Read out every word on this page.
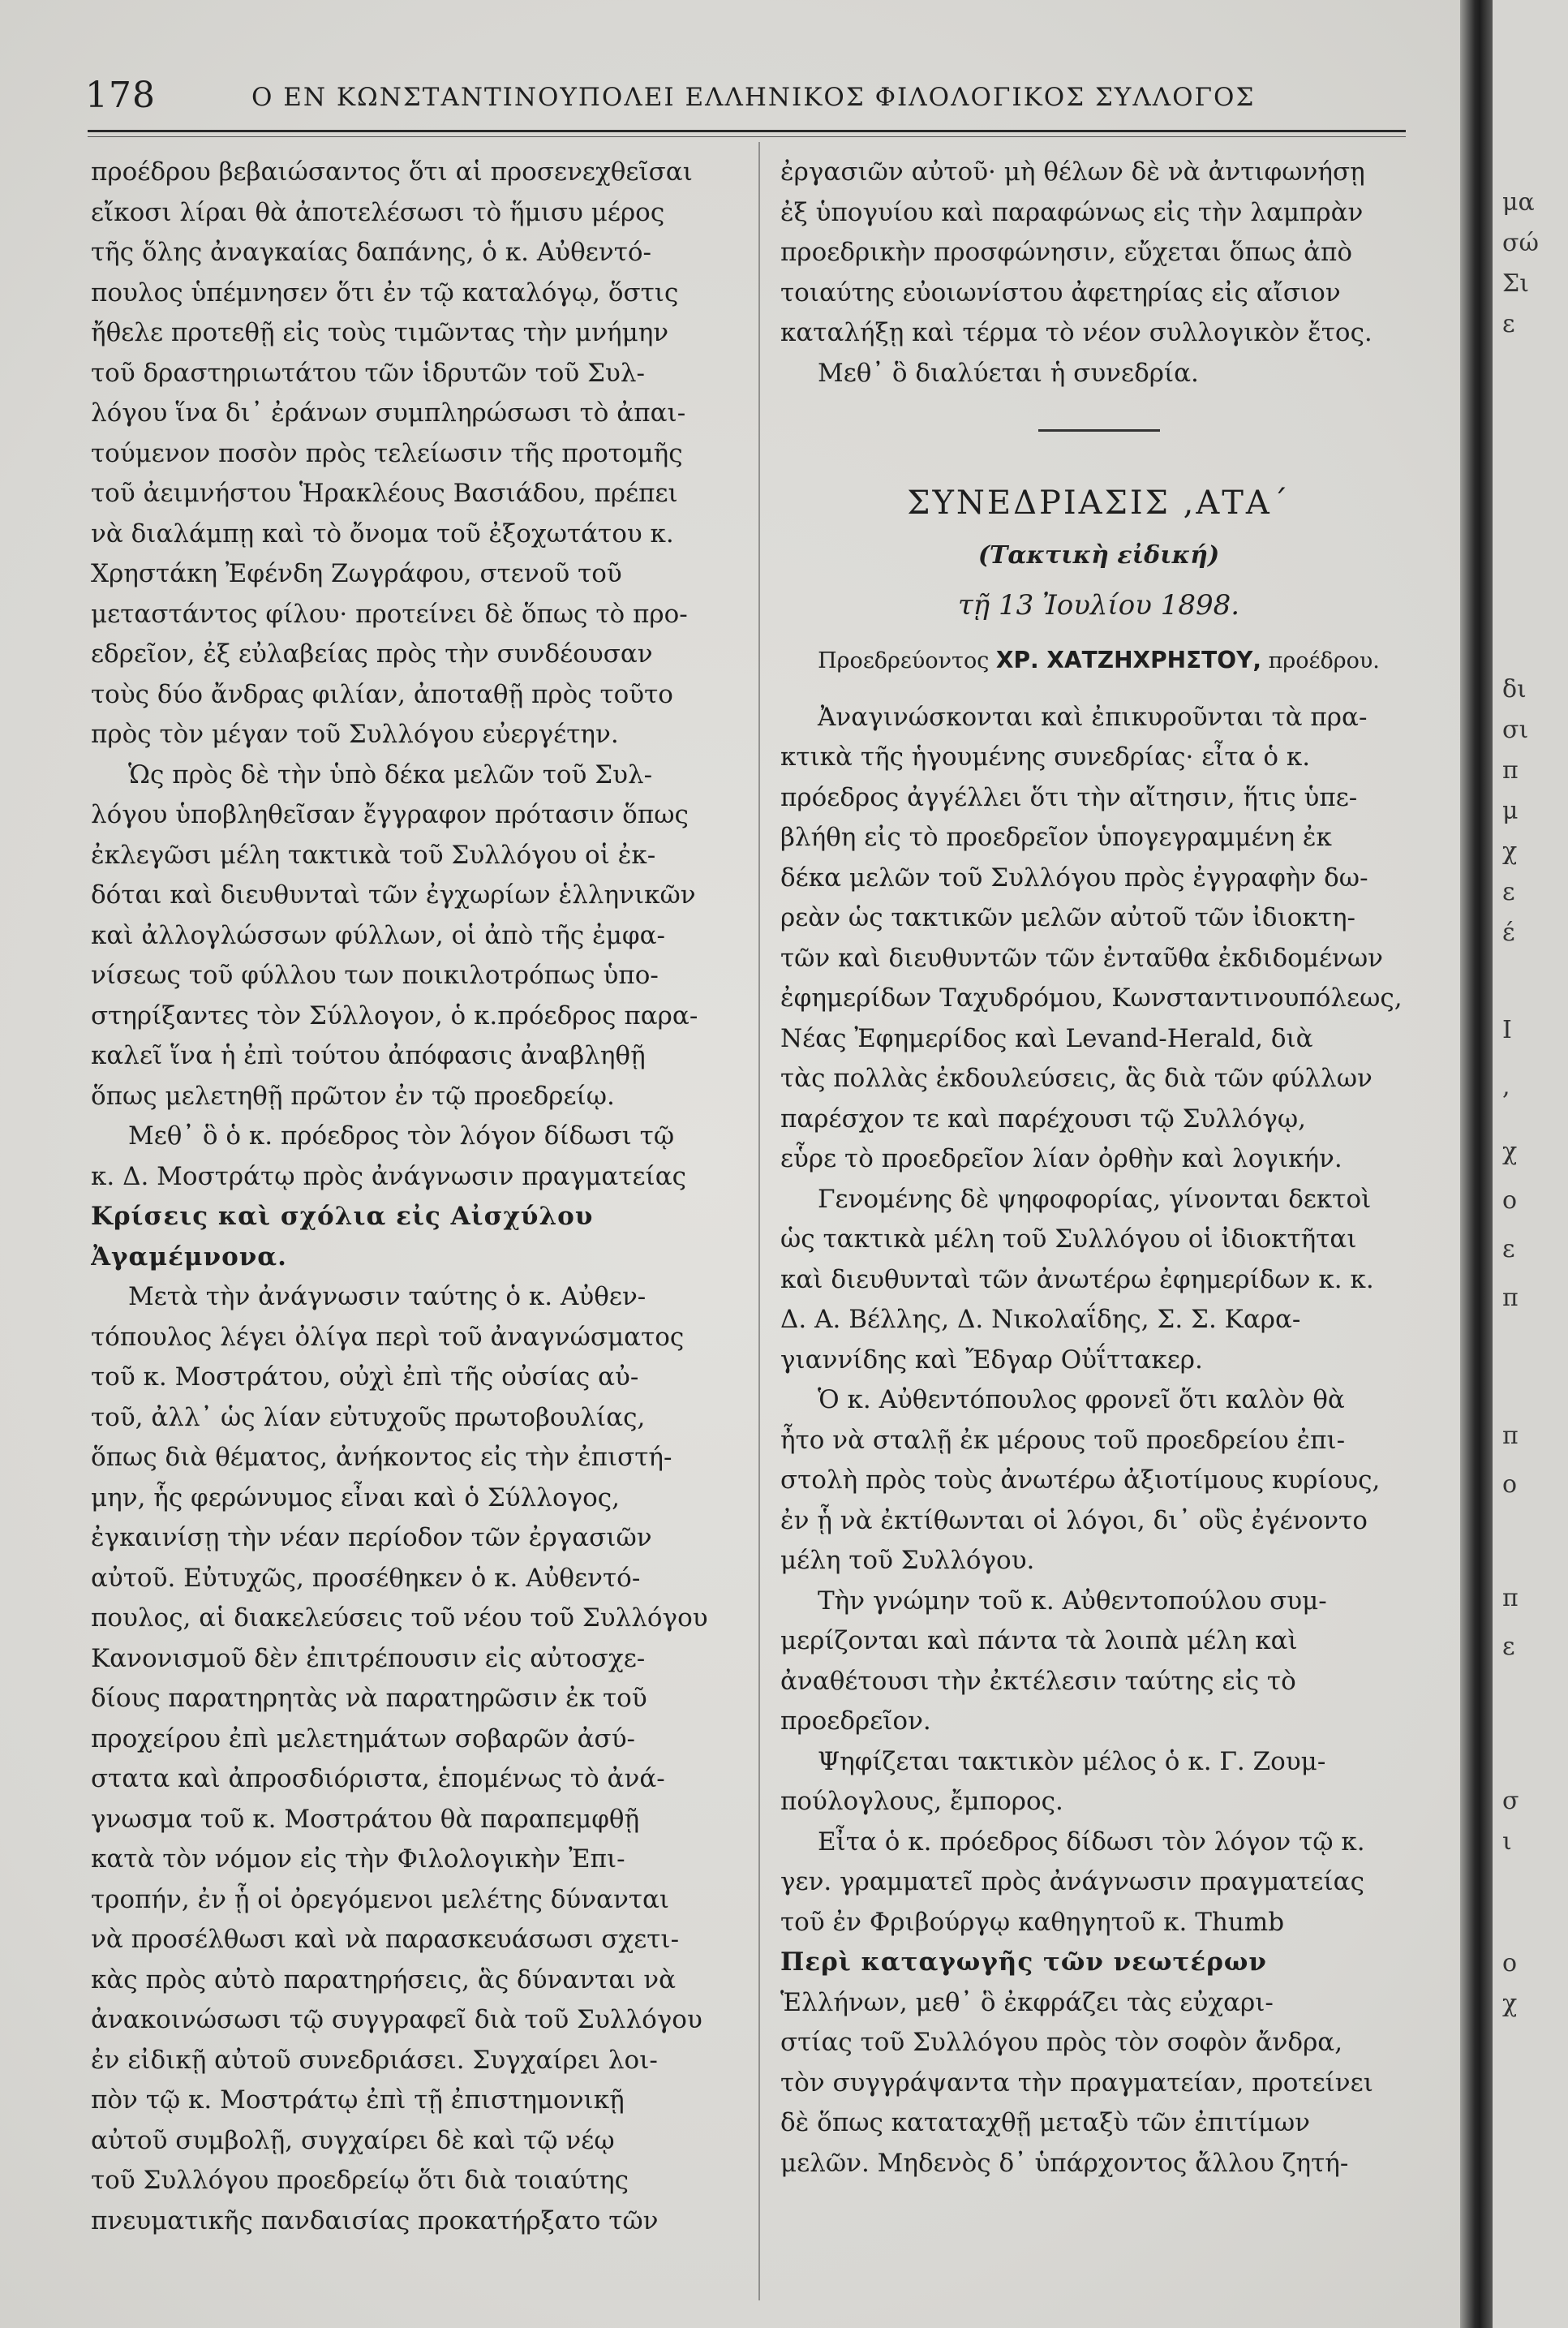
178	Ο ΕΝ ΚΩΝΣΤΑΝΤΙΝΟΥΠΟΛΕΙ ΕΛΛΗΝΙΚΟΣ ΦΙΛΟΛΟΓΙΚΟΣ ΣΥΛΛΟΓΟΣ
προέδρου βεβαιώσαντος ὅτι αἱ προσενεχθεῖσαι
εἴκοσι λίραι θὰ ἀποτελέσωσι τὸ ἥμισυ μέρος
τῆς ὅλης ἀναγκαίας δαπάνης, ὁ κ. Αὐθεντό-
πουλος ὑπέμνησεν ὅτι ἐν τῷ καταλόγῳ, ὅστις
ἤθελε προτεθῇ εἰς τοὺς τιμῶντας τὴν μνήμην
τοῦ δραστηριωτάτου τῶν ἱδρυτῶν τοῦ Συλ-
λόγου ἵνα δι᾽ ἐράνων συμπληρώσωσι τὸ ἀπαι-
τούμενον ποσὸν πρὸς τελείωσιν τῆς προτομῆς
τοῦ ἀειμνήστου Ἡρακλέους Βασιάδου, πρέπει
νὰ διαλάμπῃ καὶ τὸ ὄνομα τοῦ ἐξοχωτάτου κ.
Χρηστάκη Ἐφένδη Ζωγράφου, στενοῦ τοῦ
μεταστάντος φίλου· προτείνει δὲ ὅπως τὸ προ-
εδρεῖον, ἐξ εὐλαβείας πρὸς τὴν συνδέουσαν
τοὺς δύο ἄνδρας φιλίαν, ἀποταθῇ πρὸς τοῦτο
πρὸς τὸν μέγαν τοῦ Συλλόγου εὐεργέτην.
Ὡς πρὸς δὲ τὴν ὑπὸ δέκα μελῶν τοῦ Συλ-
λόγου ὑποβληθεῖσαν ἔγγραφον πρότασιν ὅπως
ἐκλεγῶσι μέλη τακτικὰ τοῦ Συλλόγου οἱ ἐκ-
δόται καὶ διευθυνταὶ τῶν ἐγχωρίων ἑλληνικῶν
καὶ ἀλλογλώσσων φύλλων, οἱ ἀπὸ τῆς ἐμφα-
νίσεως τοῦ φύλλου των ποικιλοτρόπως ὑπο-
στηρίξαντες τὸν Σύλλογον, ὁ κ.πρόεδρος παρα-
καλεῖ ἵνα ἡ ἐπὶ τούτου ἀπόφασις ἀναβληθῇ
ὅπως μελετηθῇ πρῶτον ἐν τῷ προεδρείῳ.
Μεθ᾽ ὃ ὁ κ. πρόεδρος τὸν λόγον δίδωσι τῷ
κ. Δ. Μοστράτῳ πρὸς ἀνάγνωσιν πραγματείας
Κρίσεις καὶ σχόλια εἰς Αἰσχύλου
Ἀγαμέμνονα.
Μετὰ τὴν ἀνάγνωσιν ταύτης ὁ κ. Αὐθεν-
τόπουλος λέγει ὀλίγα περὶ τοῦ ἀναγνώσματος
τοῦ κ. Μοστράτου, οὐχὶ ἐπὶ τῆς οὐσίας αὐ-
τοῦ, ἀλλ᾽ ὡς λίαν εὐτυχοῦς πρωτοβουλίας,
ὅπως διὰ θέματος, ἀνήκοντος εἰς τὴν ἐπιστή-
μην, ἧς φερώνυμος εἶναι καὶ ὁ Σύλλογος,
ἐγκαινίσῃ τὴν νέαν περίοδον τῶν ἐργασιῶν
αὐτοῦ. Εὐτυχῶς, προσέθηκεν ὁ κ. Αὐθεντό-
πουλος, αἱ διακελεύσεις τοῦ νέου τοῦ Συλλόγου
Κανονισμοῦ δὲν ἐπιτρέπουσιν εἰς αὐτοσχε-
δίους παρατηρητὰς νὰ παρατηρῶσιν ἐκ τοῦ
προχείρου ἐπὶ μελετημάτων σοβαρῶν ἀσύ-
στατα καὶ ἀπροσδιόριστα, ἑπομένως τὸ ἀνά-
γνωσμα τοῦ κ. Μοστράτου θὰ παραπεμφθῇ
κατὰ τὸν νόμον εἰς τὴν Φιλολογικὴν Ἐπι-
τροπήν, ἐν ᾗ οἱ ὀρεγόμενοι μελέτης δύνανται
νὰ προσέλθωσι καὶ νὰ παρασκευάσωσι σχετι-
κὰς πρὸς αὐτὸ παρατηρήσεις, ἃς δύνανται νὰ
ἀνακοινώσωσι τῷ συγγραφεῖ διὰ τοῦ Συλλόγου
ἐν εἰδικῇ αὐτοῦ συνεδριάσει. Συγχαίρει λοι-
πὸν τῷ κ. Μοστράτῳ ἐπὶ τῇ ἐπιστημονικῇ
αὐτοῦ συμβολῇ, συγχαίρει δὲ καὶ τῷ νέῳ
τοῦ Συλλόγου προεδρείῳ ὅτι διὰ τοιαύτης
πνευματικῆς πανδαισίας προκατήρξατο τῶν
ἐργασιῶν αὐτοῦ· μὴ θέλων δὲ νὰ ἀντιφωνήσῃ
ἐξ ὑπογυίου καὶ παραφώνως εἰς τὴν λαμπρὰν
προεδρικὴν προσφώνησιν, εὔχεται ὅπως ἀπὸ
τοιαύτης εὐοιωνίστου ἀφετηρίας εἰς αἴσιον
καταλήξῃ καὶ τέρμα τὸ νέον συλλογικὸν ἔτος.
Μεθ᾽ ὃ διαλύεται ἡ συνεδρία.
ΣΥΝΕΔΡΙΑΣΙΣ ,ΑΤΑ´
(Τακτικὴ εἰδική)
τῇ 13 Ἰουλίου 1898.
Προεδρεύοντος ΧΡ. ΧΑΤΖΗΧΡΗΣΤΟΥ, προέδρου.
Ἀναγινώσκονται καὶ ἐπικυροῦνται τὰ πρα-
κτικὰ τῆς ἡγουμένης συνεδρίας· εἶτα ὁ κ.
πρόεδρος ἀγγέλλει ὅτι τὴν αἴτησιν, ἥτις ὑπε-
βλήθη εἰς τὸ προεδρεῖον ὑπογεγραμμένη ἐκ
δέκα μελῶν τοῦ Συλλόγου πρὸς ἐγγραφὴν δω-
ρεὰν ὡς τακτικῶν μελῶν αὐτοῦ τῶν ἰδιοκτη-
τῶν καὶ διευθυντῶν τῶν ἐνταῦθα ἐκδιδομένων
ἐφημερίδων Ταχυδρόμου, Κωνσταντινουπόλεως,
Νέας Ἐφημερίδος καὶ Levand-Herald, διὰ
τὰς πολλὰς ἐκδουλεύσεις, ἃς διὰ τῶν φύλλων
παρέσχον τε καὶ παρέχουσι τῷ Συλλόγῳ,
εὗρε τὸ προεδρεῖον λίαν ὀρθὴν καὶ λογικήν.
Γενομένης δὲ ψηφοφορίας, γίνονται δεκτοὶ
ὡς τακτικὰ μέλη τοῦ Συλλόγου οἱ ἰδιοκτῆται
καὶ διευθυνταὶ τῶν ἀνωτέρω ἐφημερίδων κ. κ.
Δ. Α. Βέλλης, Δ. Νικολαΐδης, Σ. Σ. Καρα-
γιαννίδης καὶ Ἔδγαρ Οὐΐττακερ.
Ὁ κ. Αὐθεντόπουλος φρονεῖ ὅτι καλὸν θὰ
ἦτο νὰ σταλῇ ἐκ μέρους τοῦ προεδρείου ἐπι-
στολὴ πρὸς τοὺς ἀνωτέρω ἀξιοτίμους κυρίους,
ἐν ᾗ νὰ ἐκτίθωνται οἱ λόγοι, δι᾽ οὓς ἐγένοντο
μέλη τοῦ Συλλόγου.
Τὴν γνώμην τοῦ κ. Αὐθεντοπούλου συμ-
μερίζονται καὶ πάντα τὰ λοιπὰ μέλη καὶ
ἀναθέτουσι τὴν ἐκτέλεσιν ταύτης εἰς τὸ
προεδρεῖον.
Ψηφίζεται τακτικὸν μέλος ὁ κ. Γ. Ζουμ-
πούλογλους, ἔμπορος.
Εἶτα ὁ κ. πρόεδρος δίδωσι τὸν λόγον τῷ κ.
γεν. γραμματεῖ πρὸς ἀνάγνωσιν πραγματείας
τοῦ ἐν Φριβούργῳ καθηγητοῦ κ. Thumb
Περὶ καταγωγῆς τῶν νεωτέρων
Ἑλλήνων, μεθ᾽ ὃ ἐκφράζει τὰς εὐχαρι-
στίας τοῦ Συλλόγου πρὸς τὸν σοφὸν ἄνδρα,
τὸν συγγράψαντα τὴν πραγματείαν, προτείνει
δὲ ὅπως καταταχθῇ μεταξὺ τῶν ἐπιτίμων
μελῶν. Μηδενὸς δ᾽ ὑπάρχοντος ἄλλου ζητή-
μα
σώ
Σι
ε
δι
σι
π
μ
χ
ε
έ
Ι
,
χ
ο
ε
π
π
ο
π
ε
σ
ι
ο
χ
